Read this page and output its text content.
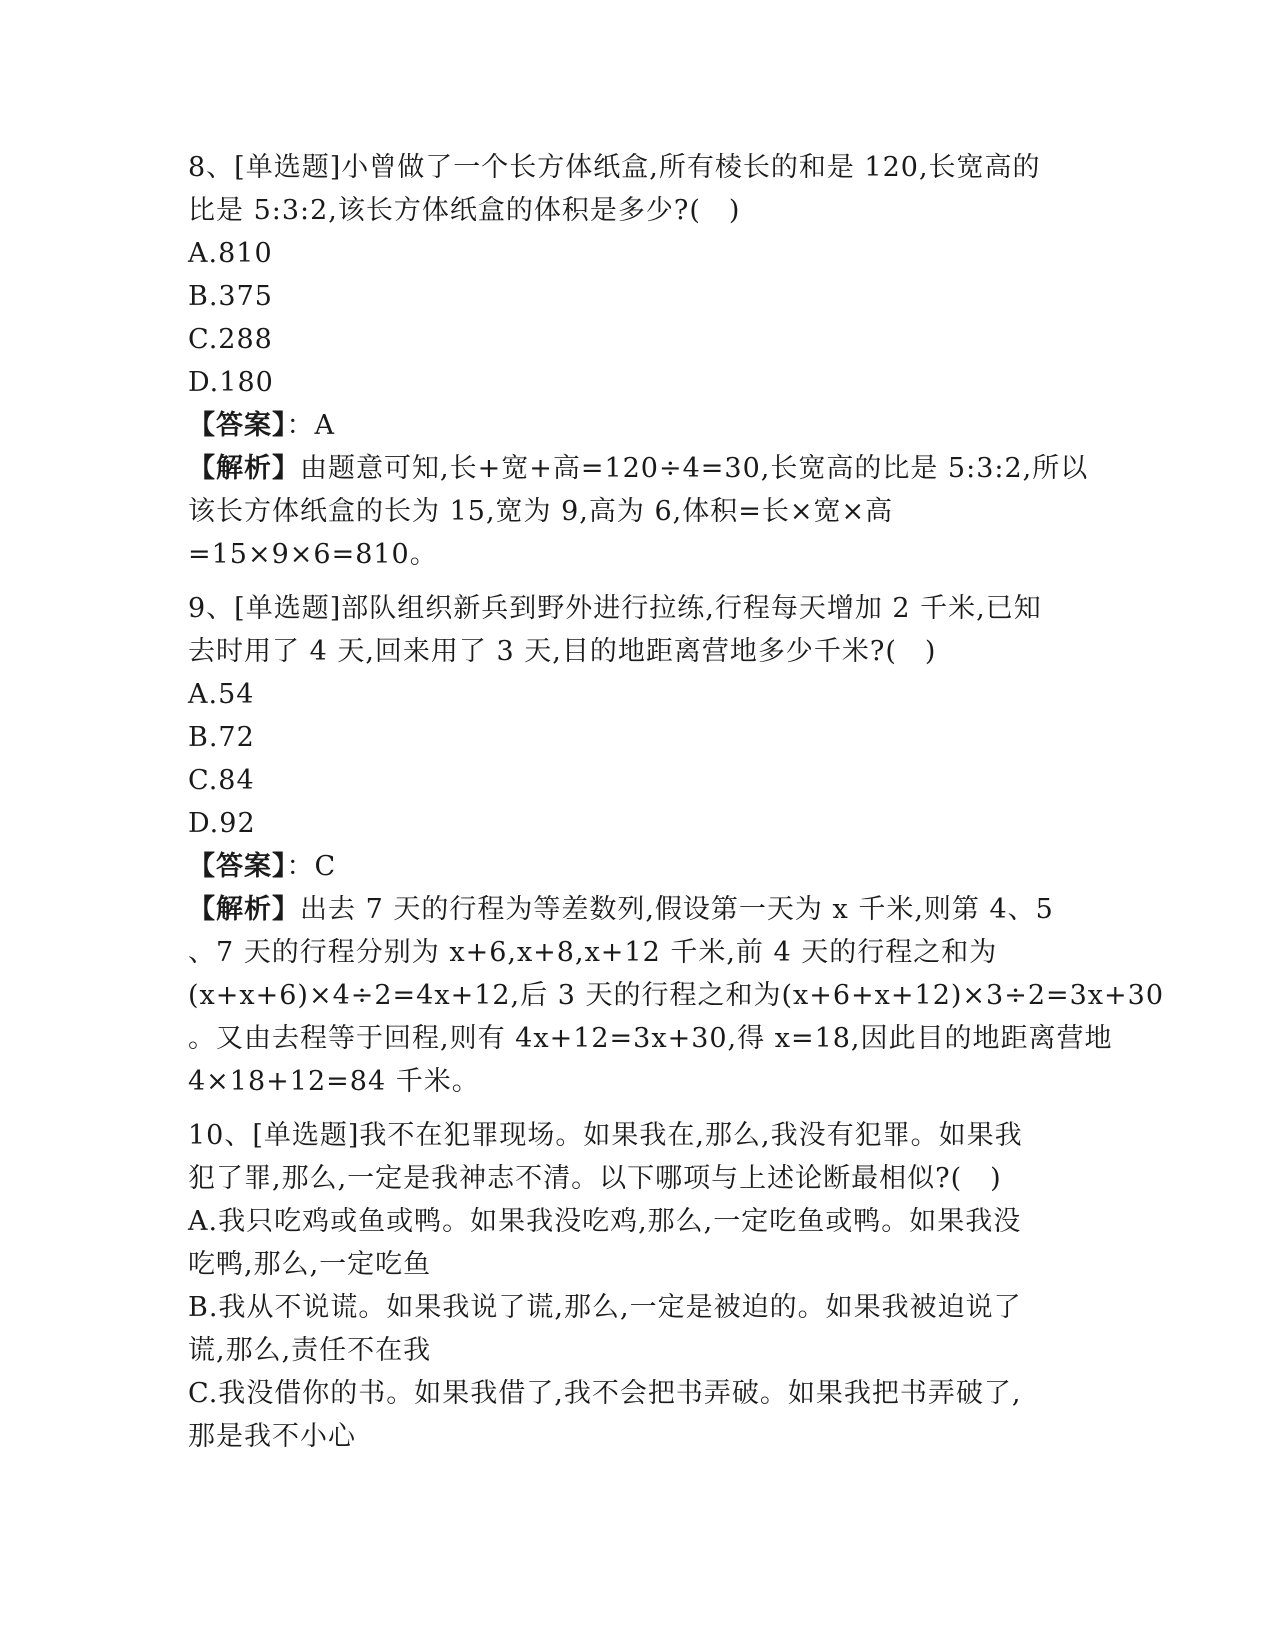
8、[单选题]小曾做了一个长方体纸盒,所有棱长的和是 120,长宽高的
比是 5:3:2,该长方体纸盒的体积是多少?(　)
A.810
B.375
C.288
D.180
【答案】：A
【解析】由题意可知,长+宽+高=120÷4=30,长宽高的比是 5:3:2,所以
该长方体纸盒的长为 15,宽为 9,高为 6,体积=长×宽×高
=15×9×6=810。
9、[单选题]部队组织新兵到野外进行拉练,行程每天增加 2 千米,已知
去时用了 4 天,回来用了 3 天,目的地距离营地多少千米?(　)
A.54
B.72
C.84
D.92
【答案】：C
【解析】出去 7 天的行程为等差数列,假设第一天为 x 千米,则第 4、5
、7 天的行程分别为 x+6,x+8,x+12 千米,前 4 天的行程之和为
(x+x+6)×4÷2=4x+12,后 3 天的行程之和为(x+6+x+12)×3÷2=3x+30
。又由去程等于回程,则有 4x+12=3x+30,得 x=18,因此目的地距离营地
4×18+12=84 千米。
10、[单选题]我不在犯罪现场。如果我在,那么,我没有犯罪。如果我
犯了罪,那么,一定是我神志不清。以下哪项与上述论断最相似?(　)
A.我只吃鸡或鱼或鸭。如果我没吃鸡,那么,一定吃鱼或鸭。如果我没
吃鸭,那么,一定吃鱼
B.我从不说谎。如果我说了谎,那么,一定是被迫的。如果我被迫说了
谎,那么,责任不在我
C.我没借你的书。如果我借了,我不会把书弄破。如果我把书弄破了,
那是我不小心
